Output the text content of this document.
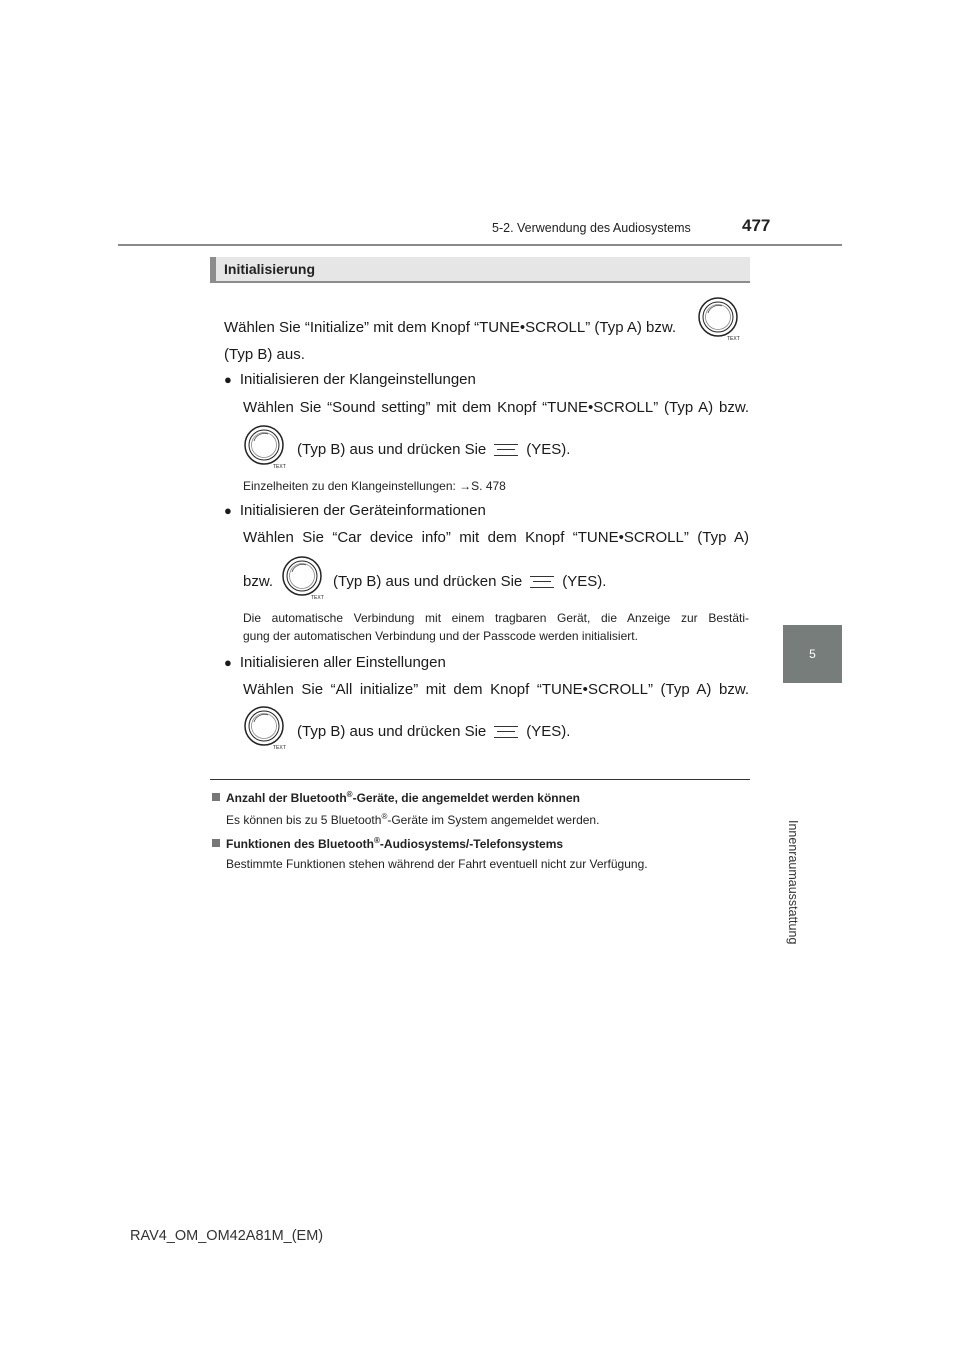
5-2. Verwendung des Audiosystems	477
5
Innenraumausstattung
Initialisierung
Wählen Sie “Initialize” mit dem Knopf “TUNE•SCROLL” (Typ A) bzw.
TEXT
(Typ B) aus.
● Initialisieren der Klangeinstellungen
Wählen Sie “Sound setting” mit dem Knopf “TUNE•SCROLL” (Typ A) bzw.
TEXT
(Typ B) aus und drücken Sie	(YES).
Einzelheiten zu den Klangeinstellungen: →S. 478
● Initialisieren der Geräteinformationen
Wählen Sie “Car device info” mit dem Knopf “TUNE•SCROLL” (Typ A)
bzw.
TEXT
(Typ B) aus und drücken Sie	(YES).
Die automatische Verbindung mit einem tragbaren Gerät, die Anzeige zur Bestäti-
gung der automatischen Verbindung und der Passcode werden initialisiert.
● Initialisieren aller Einstellungen
Wählen Sie “All initialize” mit dem Knopf “TUNE•SCROLL” (Typ A) bzw.
TEXT
(Typ B) aus und drücken Sie	(YES).
Anzahl der Bluetooth®-Geräte, die angemeldet werden können
Es können bis zu 5 Bluetooth®-Geräte im System angemeldet werden.
Funktionen des Bluetooth®-Audiosystems/-Telefonsystems
Bestimmte Funktionen stehen während der Fahrt eventuell nicht zur Verfügung.
RAV4_OM_OM42A81M_(EM)
